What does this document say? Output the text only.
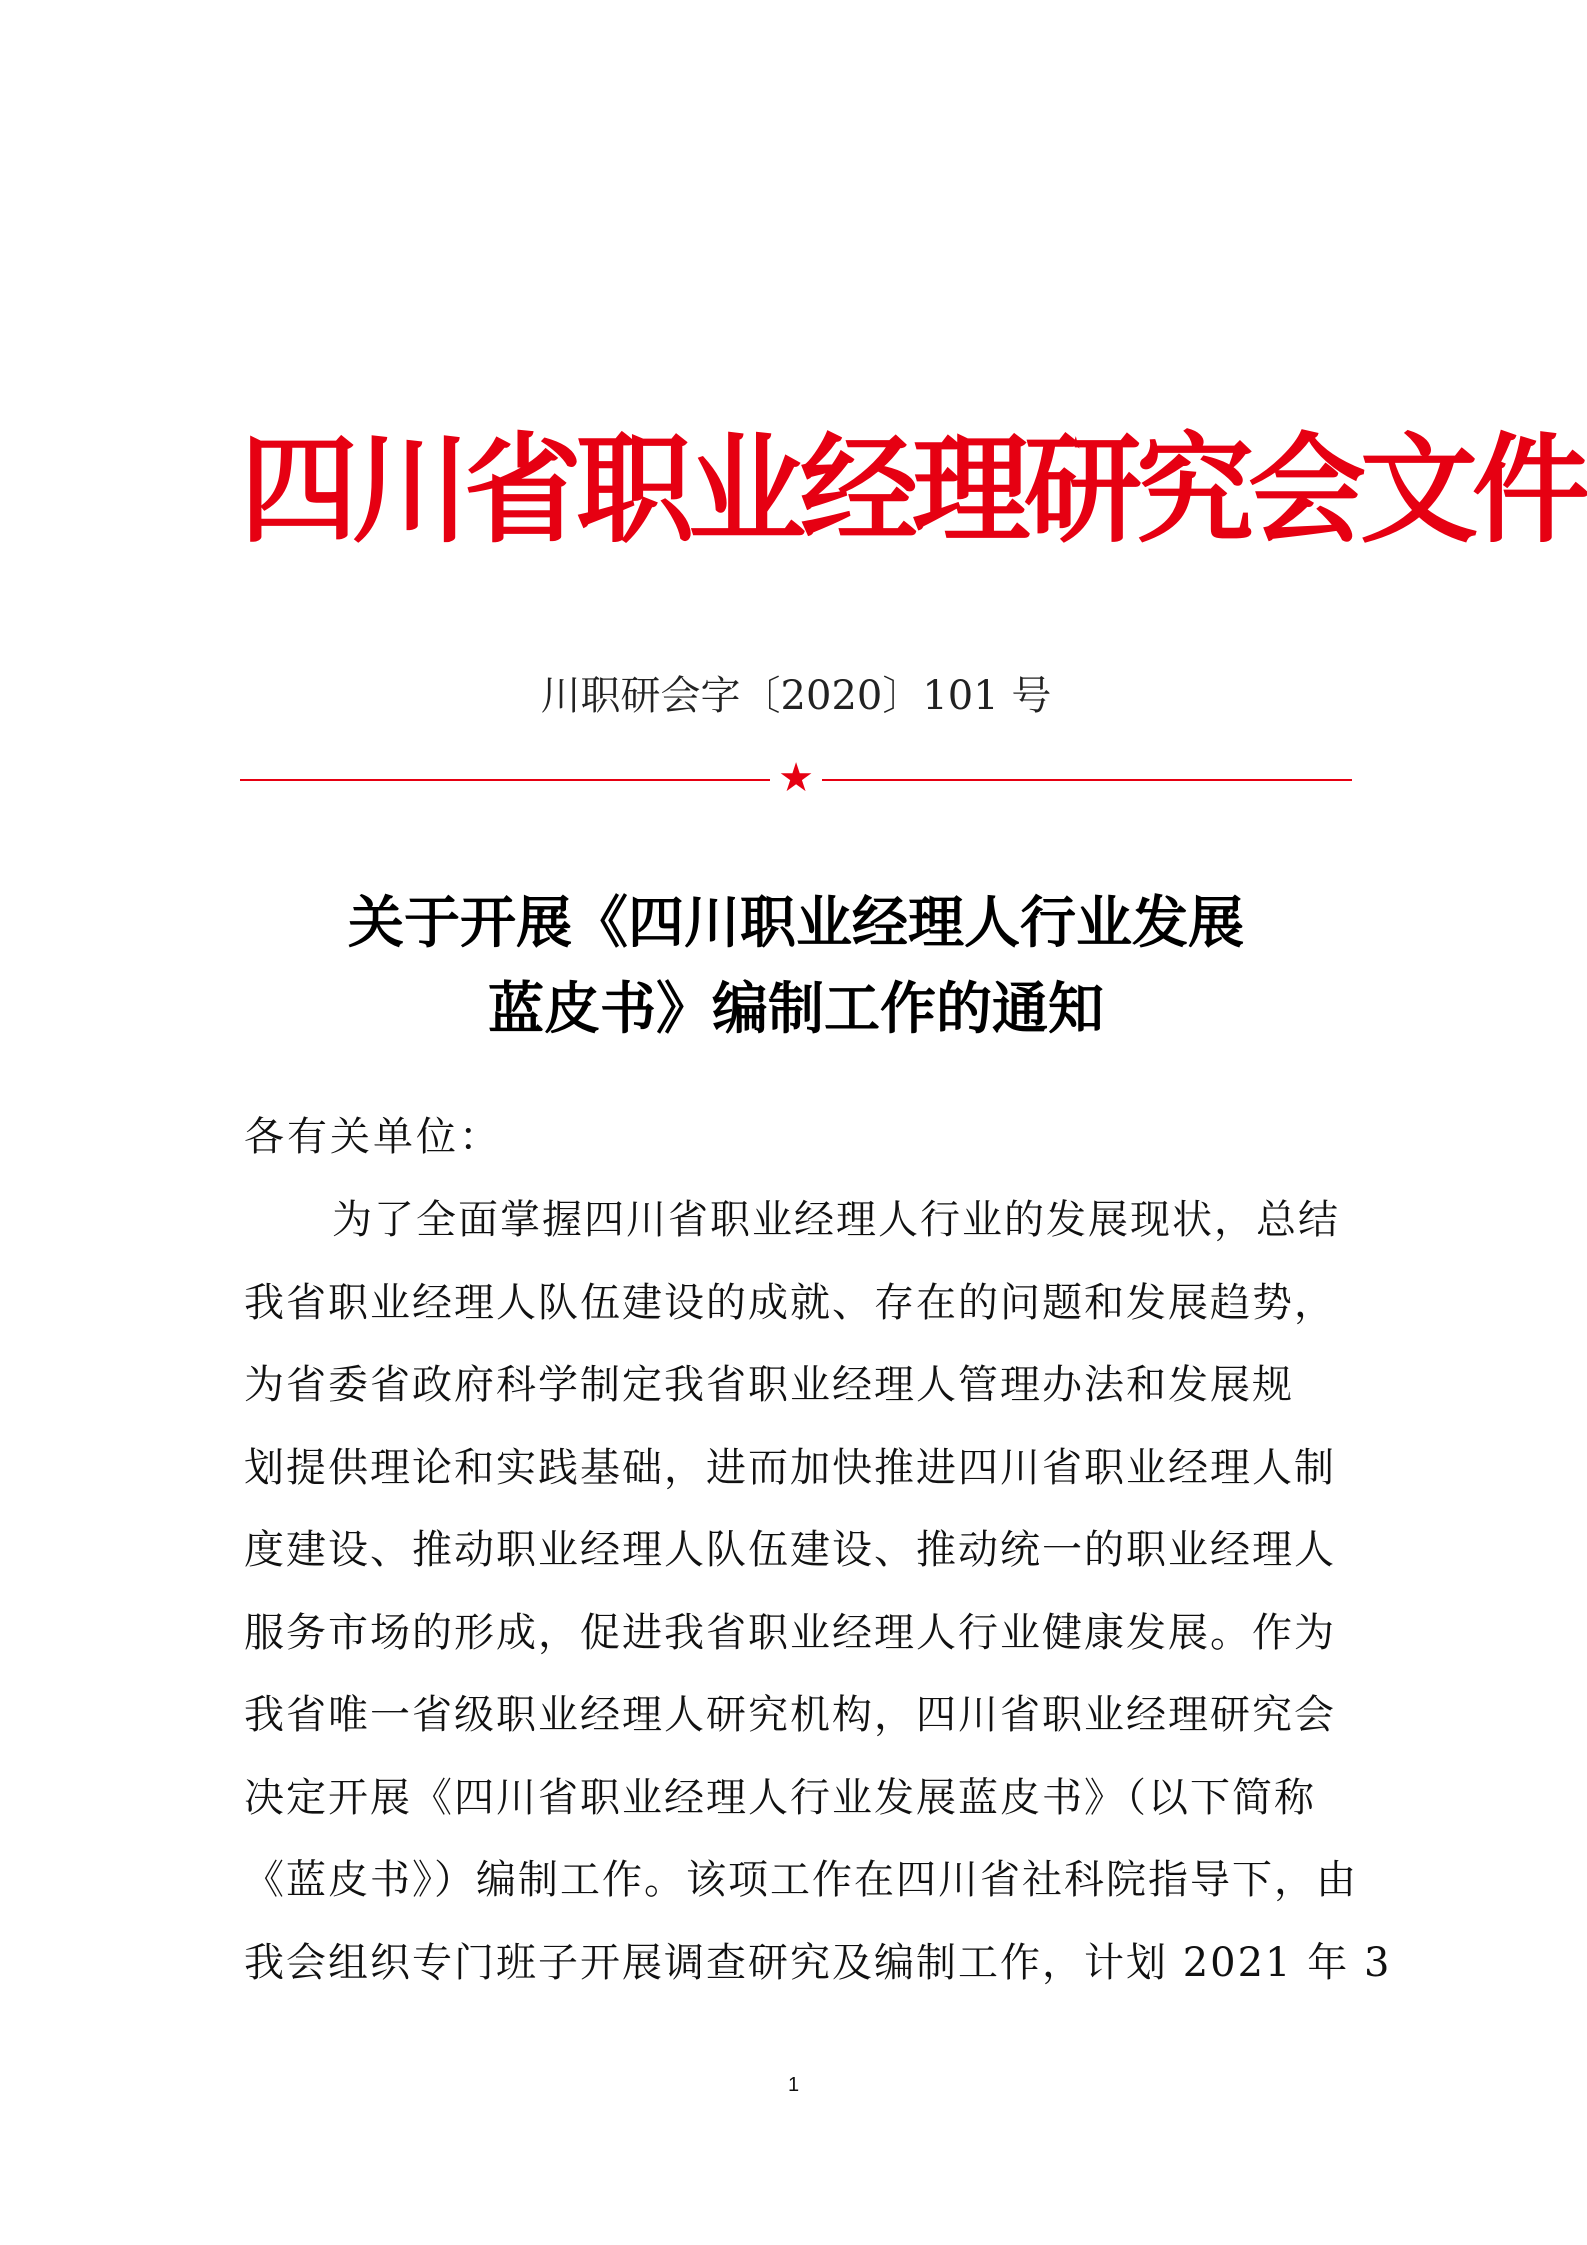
四川省职业经理研究会文件
川职研会字〔2020〕101 号
★
关于开展《四川职业经理人行业发展
蓝皮书》编制工作的通知
各有关单位：
为了全面掌握四川省职业经理人行业的发展现状，总结
我省职业经理人队伍建设的成就、存在的问题和发展趋势，
为省委省政府科学制定我省职业经理人管理办法和发展规
划提供理论和实践基础，进而加快推进四川省职业经理人制
度建设、推动职业经理人队伍建设、推动统一的职业经理人
服务市场的形成，促进我省职业经理人行业健康发展。作为
我省唯一省级职业经理人研究机构，四川省职业经理研究会
决定开展《四川省职业经理人行业发展蓝皮书》（以下简称
《蓝皮书》）编制工作。该项工作在四川省社科院指导下，由
我会组织专门班子开展调查研究及编制工作，计划 2021 年 3
1
